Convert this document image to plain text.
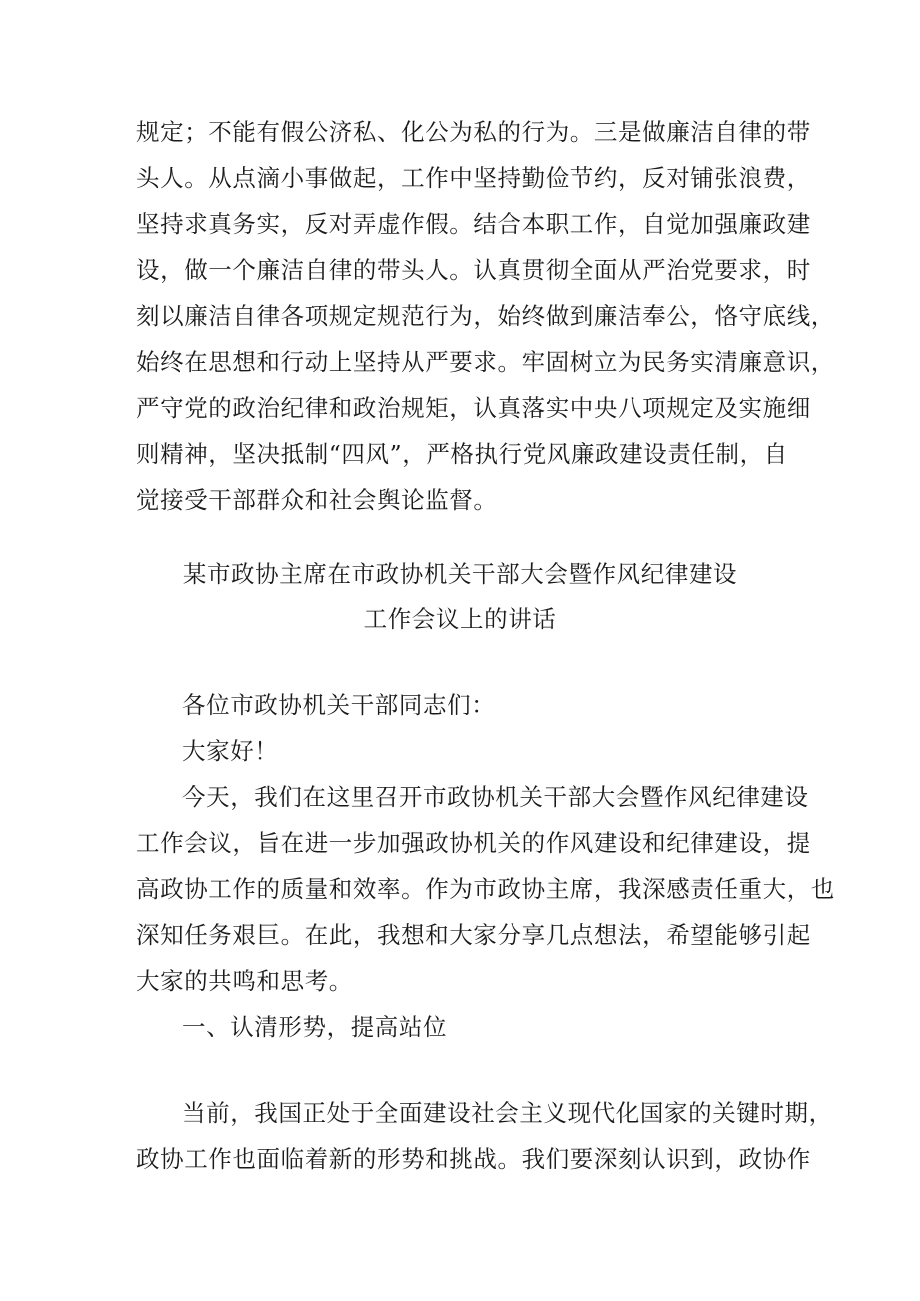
规定；不能有假公济私、化公为私的行为。三是做廉洁自律的带
头人。从点滴小事做起，工作中坚持勤俭节约，反对铺张浪费，
坚持求真务实，反对弄虚作假。结合本职工作，自觉加强廉政建
设，做一个廉洁自律的带头人。认真贯彻全面从严治党要求，时
刻以廉洁自律各项规定规范行为，始终做到廉洁奉公，恪守底线，
始终在思想和行动上坚持从严要求。牢固树立为民务实清廉意识，
严守党的政治纪律和政治规矩，认真落实中央八项规定及实施细
则精神，坚决抵制“四风”，严格执行党风廉政建设责任制，自
觉接受干部群众和社会舆论监督。
某市政协主席在市政协机关干部大会暨作风纪律建设
工作会议上的讲话
各位市政协机关干部同志们：
大家好！
今天，我们在这里召开市政协机关干部大会暨作风纪律建设
工作会议，旨在进一步加强政协机关的作风建设和纪律建设，提
高政协工作的质量和效率。作为市政协主席，我深感责任重大，也
深知任务艰巨。在此，我想和大家分享几点想法，希望能够引起
大家的共鸣和思考。
一、认清形势，提高站位
当前，我国正处于全面建设社会主义现代化国家的关键时期，
政协工作也面临着新的形势和挑战。我们要深刻认识到，政协作
